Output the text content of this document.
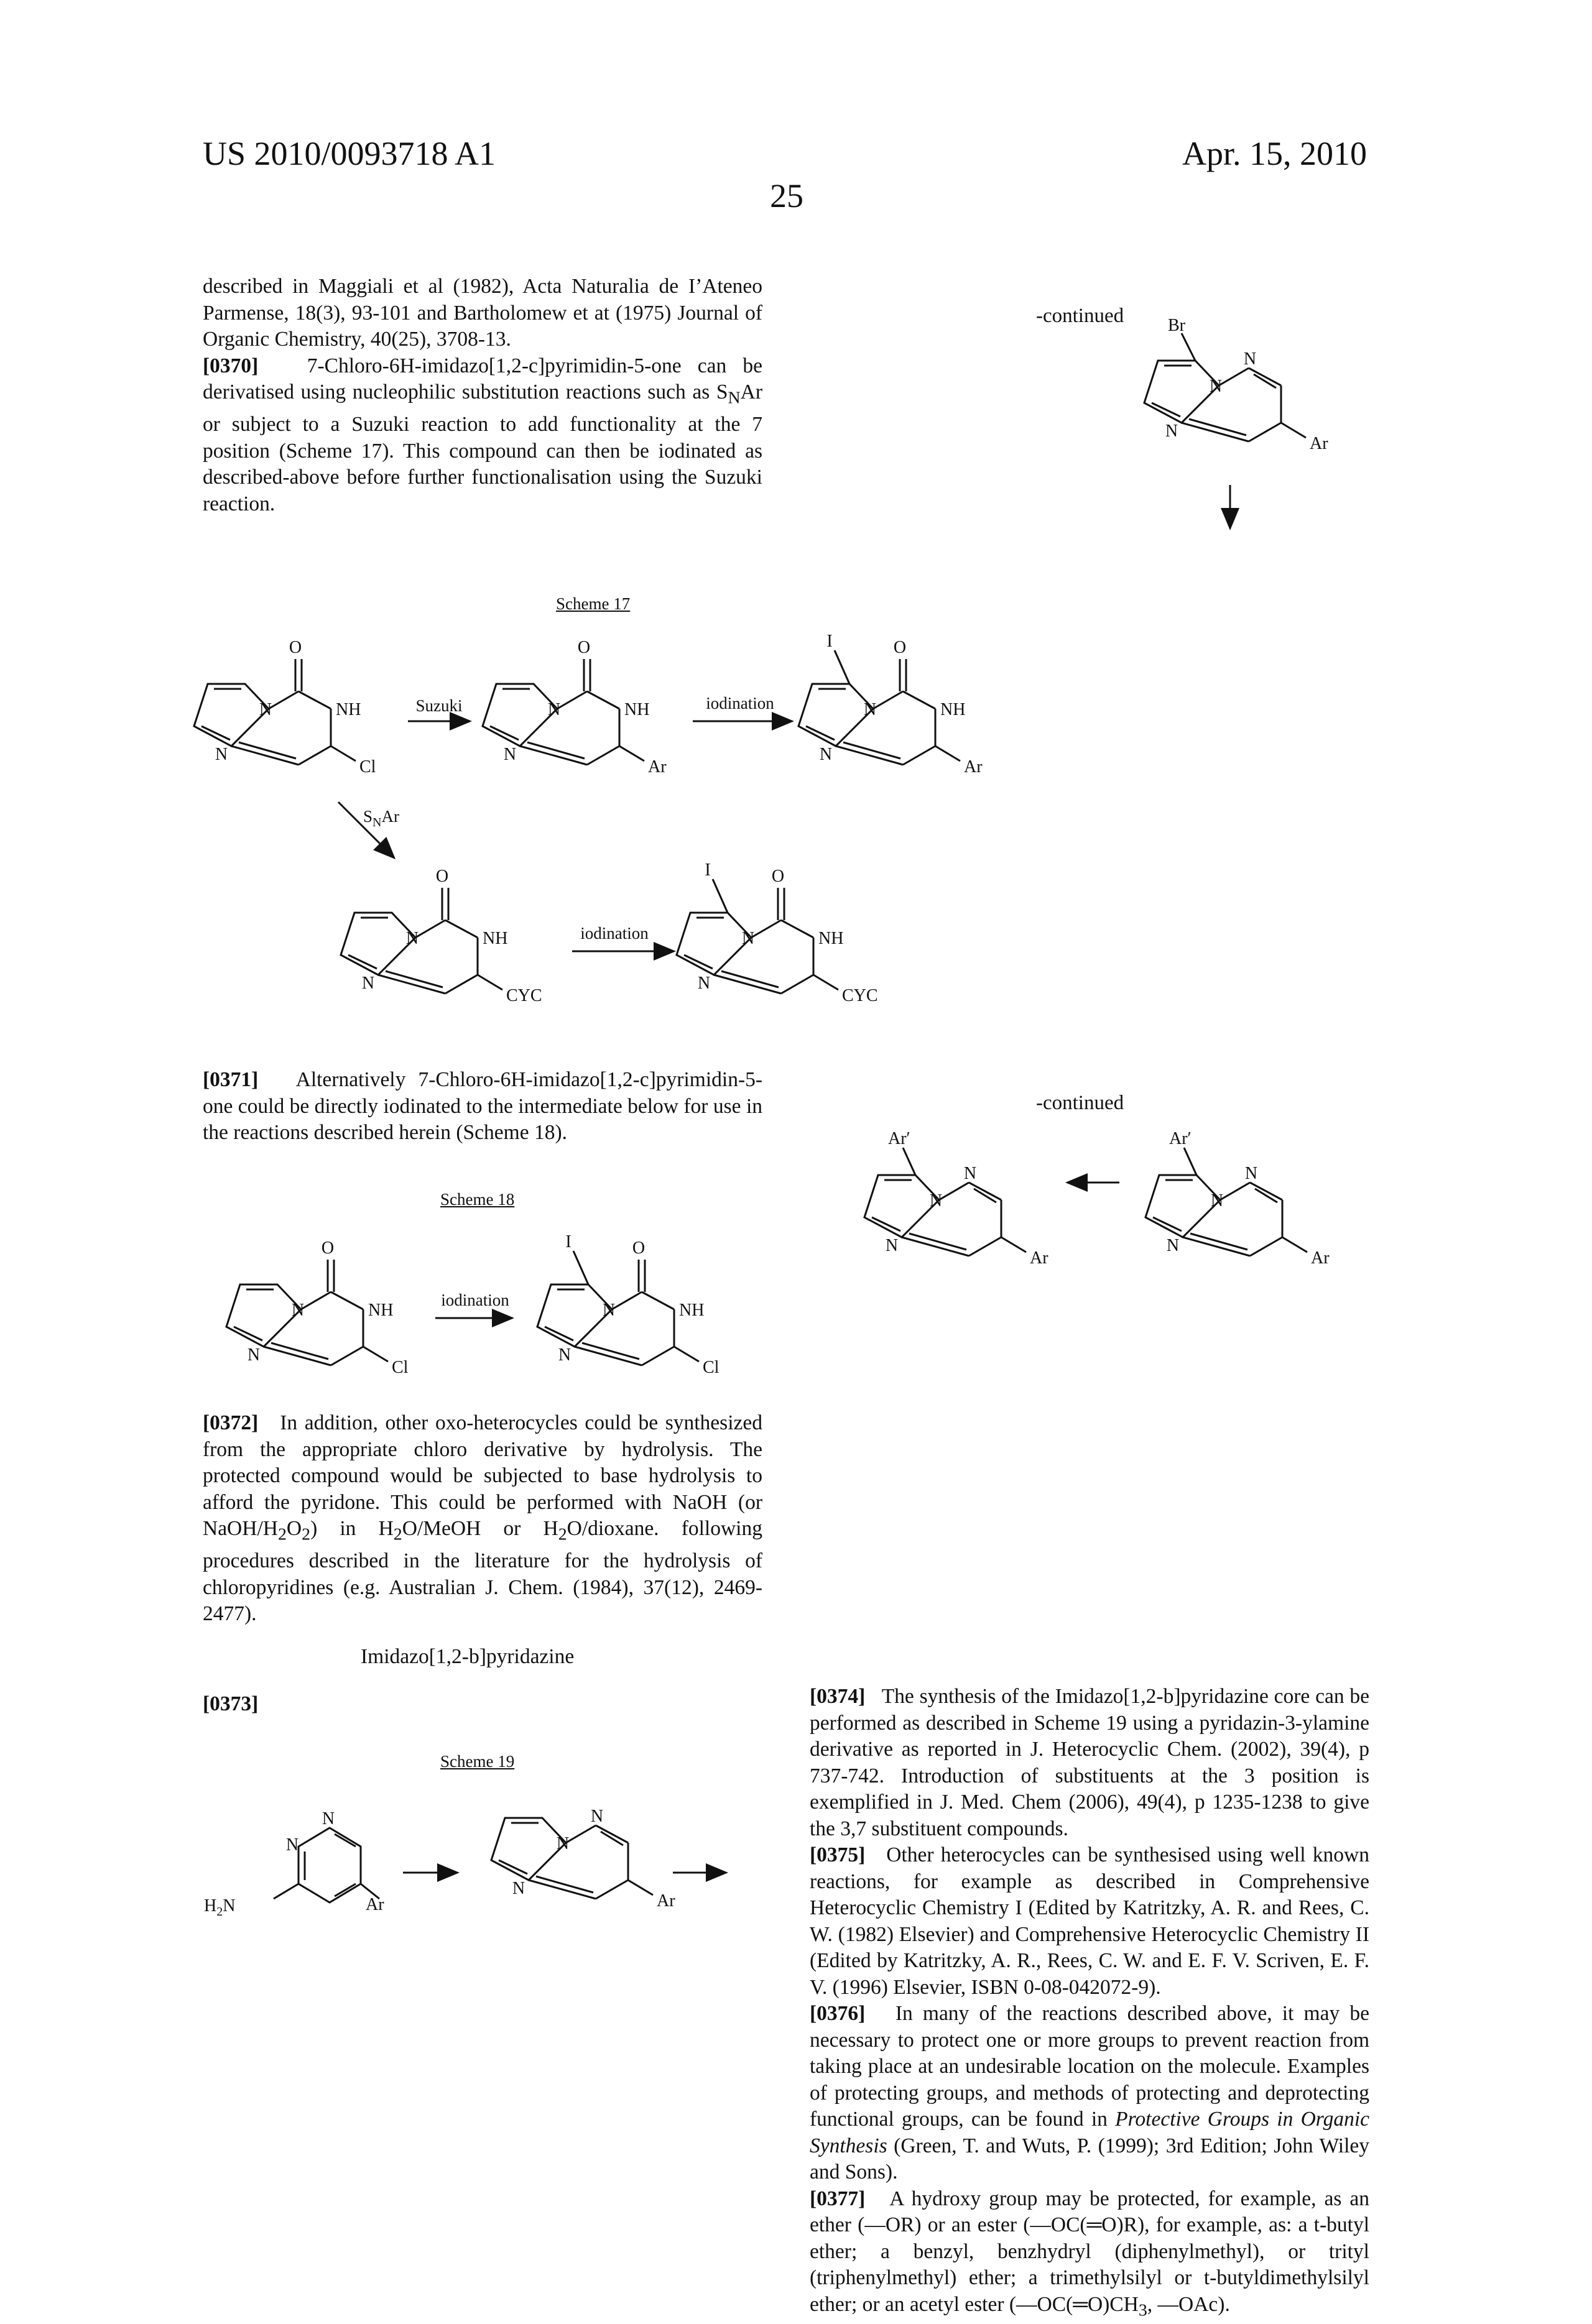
US 2010/0093718 A1	Apr. 15, 2010
25

described in Maggiali et al (1982), Acta Naturalia de I’Ateneo Parmense, 18(3), 93-101 and Bartholomew et at (1975) Journal of Organic Chemistry, 40(25), 3708-13.

[0370] 7-Chloro-6H-imidazo[1,2-c]pyrimidin-5-one can be derivatised using nucleophilic substitution reactions such as $S_NAr$ or subject to a Suzuki reaction to add functionality at the 7 position (Scheme 17). This compound can then be iodinated as described-above before further functionalisation using the Suzuki reaction.

[0371] Alternatively 7-Chloro-6H-imidazo[1,2-c]pyrimidin-5-one could be directly iodinated to the intermediate below for use in the reactions described herein (Scheme 18).

[0372] In addition, other oxo-heterocycles could be synthesized from the appropriate chloro derivative by hydrolysis. The protected compound would be subjected to base hydrolysis to afford the pyridone. This could be performed with NaOH (or NaOH/$H_2O_2$) in $H_2O$/MeOH or $H_2O$/dioxane. following procedures described in the literature for the hydrolysis of chloropyridines (e.g. Australian J. Chem. (1984), 37(12), 2469-2477).

Imidazo[1,2-b]pyridazine

[0373]

-continued
-continued

[0374] The synthesis of the Imidazo[1,2-b]pyridazine core can be performed as described in Scheme 19 using a pyridazin-3-ylamine derivative as reported in J. Heterocyclic Chem. (2002), 39(4), p 737-742. Introduction of substituents at the 3 position is exemplified in J. Med. Chem (2006), 49(4), p 1235-1238 to give the 3,7 substituent compounds.

[0375] Other heterocycles can be synthesised using well known reactions, for example as described in Comprehensive Heterocyclic Chemistry I (Edited by Katritzky, A. R. and Rees, C. W. (1982) Elsevier) and Comprehensive Heterocyclic Chemistry II (Edited by Katritzky, A. R., Rees, C. W. and E. F. V. Scriven, E. F. V. (1996) Elsevier, ISBN 0-08-042072-9).

[0376] In many of the reactions described above, it may be necessary to protect one or more groups to prevent reaction from taking place at an undesirable location on the molecule. Examples of protecting groups, and methods of protecting and deprotecting functional groups, can be found in Protective Groups in Organic Synthesis (Green, T. and Wuts, P. (1999); 3rd Edition; John Wiley and Sons).

[0377] A hydroxy group may be protected, for example, as an ether (—OR) or an ester (—OC(═O)R), for example, as: a t-butyl ether; a benzyl, benzhydryl (diphenylmethyl), or trityl (triphenylmethyl) ether; a trimethylsilyl or t-butyldimethylsilyl ether; or an acetyl ester ($—OC(═O)CH_3$, —OAc).

Scheme 17
Scheme 18
Scheme 19
O
N	NH
N
Cl
Suzuki
O
N	NH
N
Ar
iodination
I	O
N	NH
N
Ar
$S_NAr$
O
N	NH
N
CYC
iodination
I	O
N	NH
N
CYC
O
N	NH
N
Cl
iodination
I	O
N	NH
N
Cl
N
N
$H_2N$	Ar
N
N
N
Ar
Br
N
N
N
Ar
Ar′
N
N
N
Ar
Ar′
N
N
N
Ar
